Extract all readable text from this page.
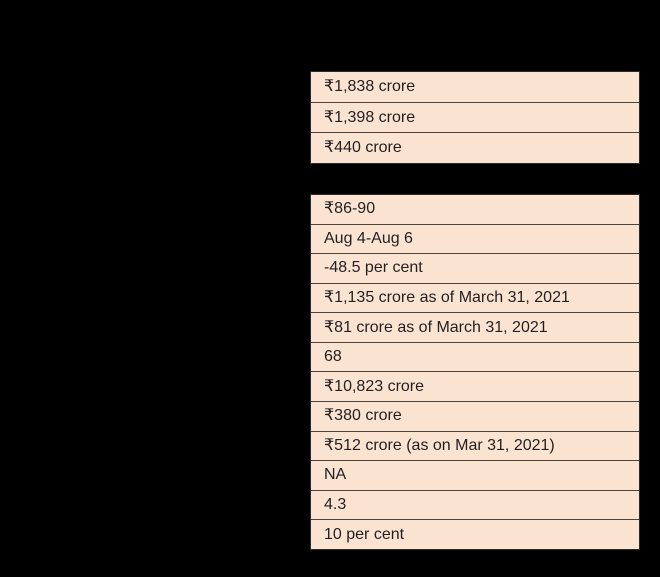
₹1,838 crore
₹1,398 crore
₹440 crore
₹86-90
Aug 4-Aug 6
-48.5 per cent
₹1,135 crore as of March 31, 2021
₹81 crore as of March 31, 2021
68
₹10,823 crore
₹380 crore
₹512 crore (as on Mar 31, 2021)
NA
4.3
10 per cent
